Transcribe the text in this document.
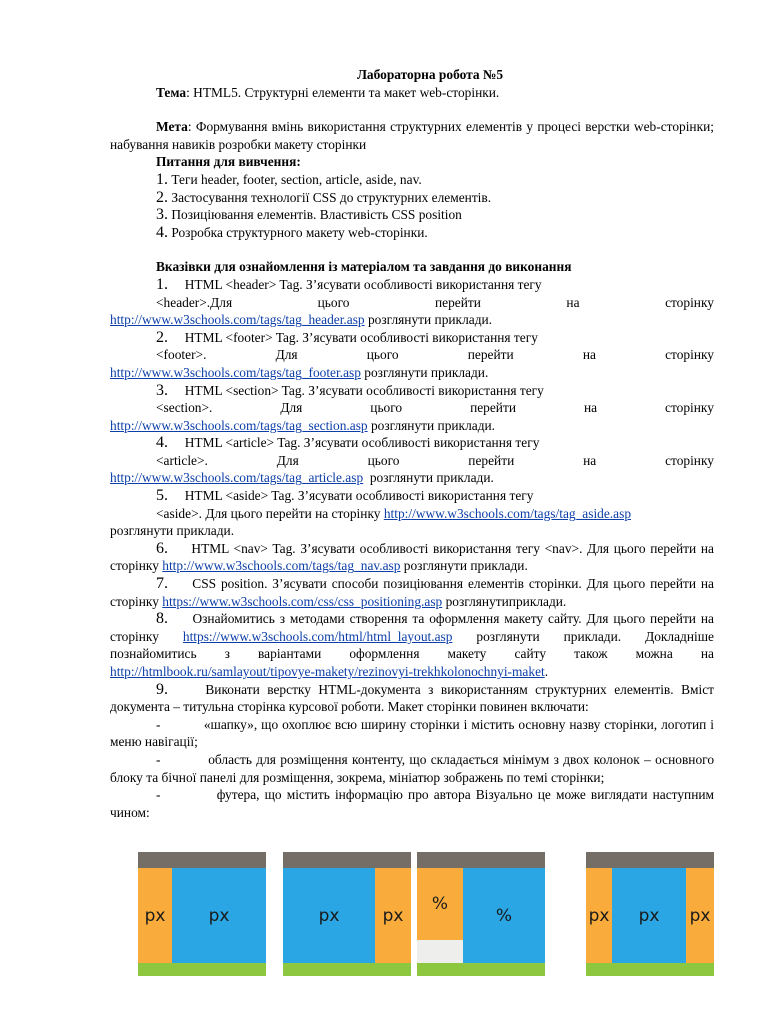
Лабораторна робота №5
Тема: HTML5. Структурні елементи та макет web-сторінки.
Мета: Формування вмінь використання структурних елементів у процесі верстки web-сторінки; набування навиків розробки макету сторінки
Питання для вивчення:
1. Теги header, footer, section, article, aside, nav.
2. Застосування технології CSS до структурних елементів.
3. Позиціювання елементів. Властивість CSS position
4. Розробка структурного макету web-сторінки.
Вказівки для ознайомлення із матеріалом та завдання до виконання
1. HTML <header> Tag. З’ясувати особливості використання тегу
<header>.Для	цього	перейти	на	сторінку
http://www.w3schools.com/tags/tag_header.asp розглянути приклади.
2. HTML <footer> Tag. З’ясувати особливості використання тегу
<footer>.	Для	цього	перейти	на	сторінку
http://www.w3schools.com/tags/tag_footer.asp розглянути приклади.
3. HTML <section> Tag. З’ясувати особливості використання тегу
<section>.	Для	цього	перейти	на	сторінку
http://www.w3schools.com/tags/tag_section.asp розглянути приклади.
4. HTML <article> Tag. З’ясувати особливості використання тегу
<article>.	Для	цього	перейти	на	сторінку
http://www.w3schools.com/tags/tag_article.asp  розглянути приклади.
5. HTML <aside> Tag. З’ясувати особливості використання тегу
<aside>. Для цього перейти на сторінку http://www.w3schools.com/tags/tag_aside.asp
розглянути приклади.
6. HTML <nav> Tag. З’ясувати особливості використання тегу <nav>. Для цього перейти на сторінку http://www.w3schools.com/tags/tag_nav.asp розглянути приклади.
7. CSS position. З’ясувати способи позиціювання елементів сторінки. Для цього перейти на сторінку https://www.w3schools.com/css/css_positioning.asp розглянутиприклади.
8. Ознайомитись з методами створення та оформлення макету сайту. Для цього перейти на сторінку https://www.w3schools.com/html/html_layout.asp розглянути приклади. Докладніше познайомитись з варіантами оформлення макету сайту також можна на http://htmlbook.ru/samlayout/tipovye-makety/rezinovyi-trekhkolonochnyi-maket.
9.	Виконати верстку HTML-документа з використанням структурних елементів. Вміст документа – титульна сторінка курсової роботи. Макет сторінки повинен включати:
-	«шапку», що охоплює всю ширину сторінки і містить основну назву сторінки, логотип і меню навігації;
-	область для розміщення контенту, що складається мінімум з двох колонок – основного блоку та бічної панелі для розміщення, зокрема, мініатюр зображень по темі сторінки;
-	футера, що містить інформацію про автора Візуально це може виглядати наступним чином:
px	px	px	px
%
%	px	px	px
